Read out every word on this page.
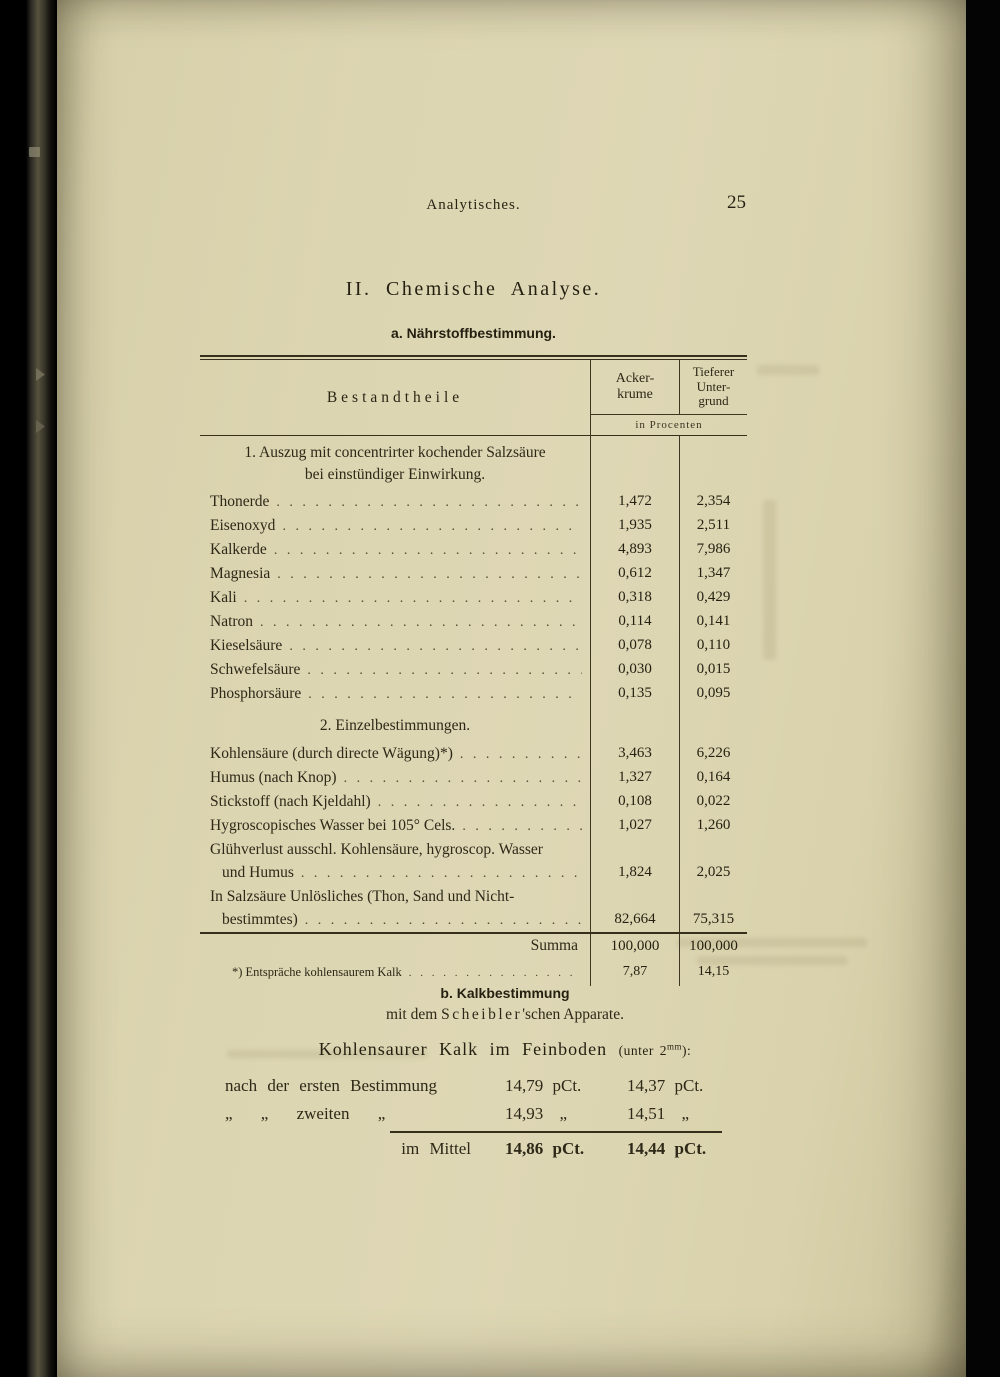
Analytisches.	25
II. Chemische Analyse.
a. Nährstoffbestimmung.
Bestandtheile
Acker-
krume
Tieferer
Unter-
grund
in Procenten
1. Auszug mit concentrirter kochender Salzsäure
bei einstündiger Einwirkung.
Thonerde . . .	1,472	2,354
Eisenoxyd . . .	1,935	2,511
Kalkerde . . .	4,893	7,986
Magnesia . . .	0,612	1,347
Kali . . .	0,318	0,429
Natron . . .	0,114	0,141
Kieselsäure . . .	0,078	0,110
Schwefelsäure . . .	0,030	0,015
Phosphorsäure . . .	0,135	0,095
2. Einzelbestimmungen.
Kohlensäure (durch directe Wägung)*) . . .	3,463	6,226
Humus (nach Knop) . . .	1,327	0,164
Stickstoff (nach Kjeldahl) . . .	0,108	0,022
Hygroscopisches Wasser bei 105° Cels. . . .	1,027	1,260
Glühverlust ausschl. Kohlensäure, hygroscop. Wasser
und Humus . . .	1,824	2,025
In Salzsäure Unlösliches (Thon, Sand und Nicht-
bestimmtes) . . .	82,664	75,315
Summa	100,000	100,000
*) Entspräche kohlensaurem Kalk . . .	7,87	14,15
b. Kalkbestimmung
mit dem Scheibler'schen Apparate.
Kohlensaurer Kalk im Feinboden (unter $2^{mm}$):
nach der ersten Bestimmung	14,79 pCt.	14,37 pCt.
„ „ zweiten „	14,93 „	14,51 „
im Mittel	14,86 pCt.	14,44 pCt.
